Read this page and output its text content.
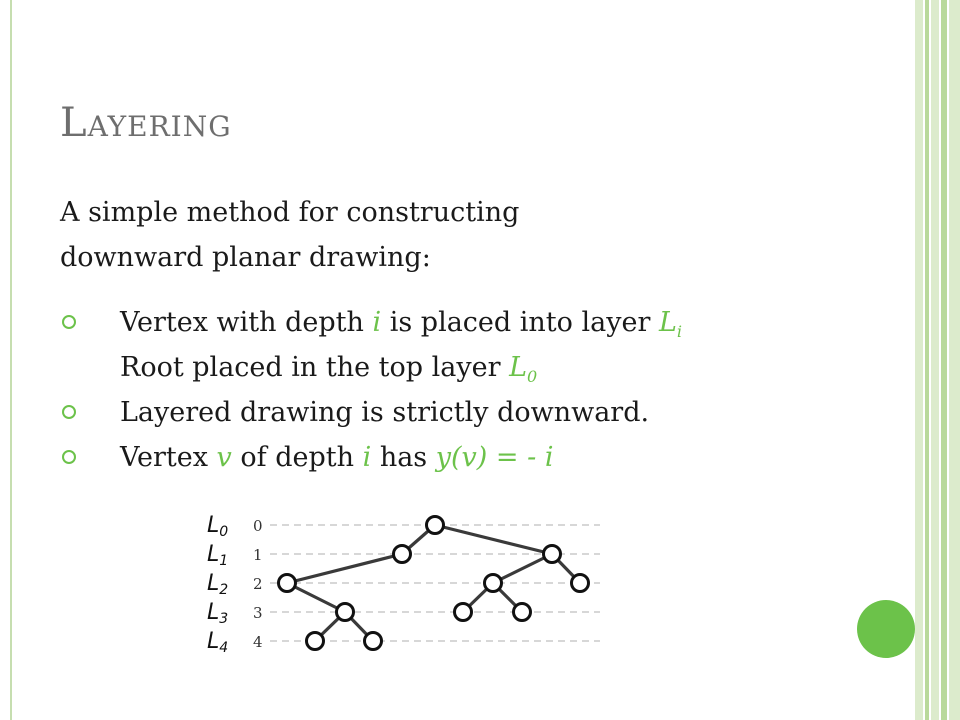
Layering
A simple method for constructing
downward planar drawing:
Vertex with depth i is placed into layer $L_i$
Root placed in the top layer $L_0$
Layered drawing is strictly downward.
Vertex v of depth i has y(v) = - i
0
L0
1
L1
2
L2
3
L3
4
L4
